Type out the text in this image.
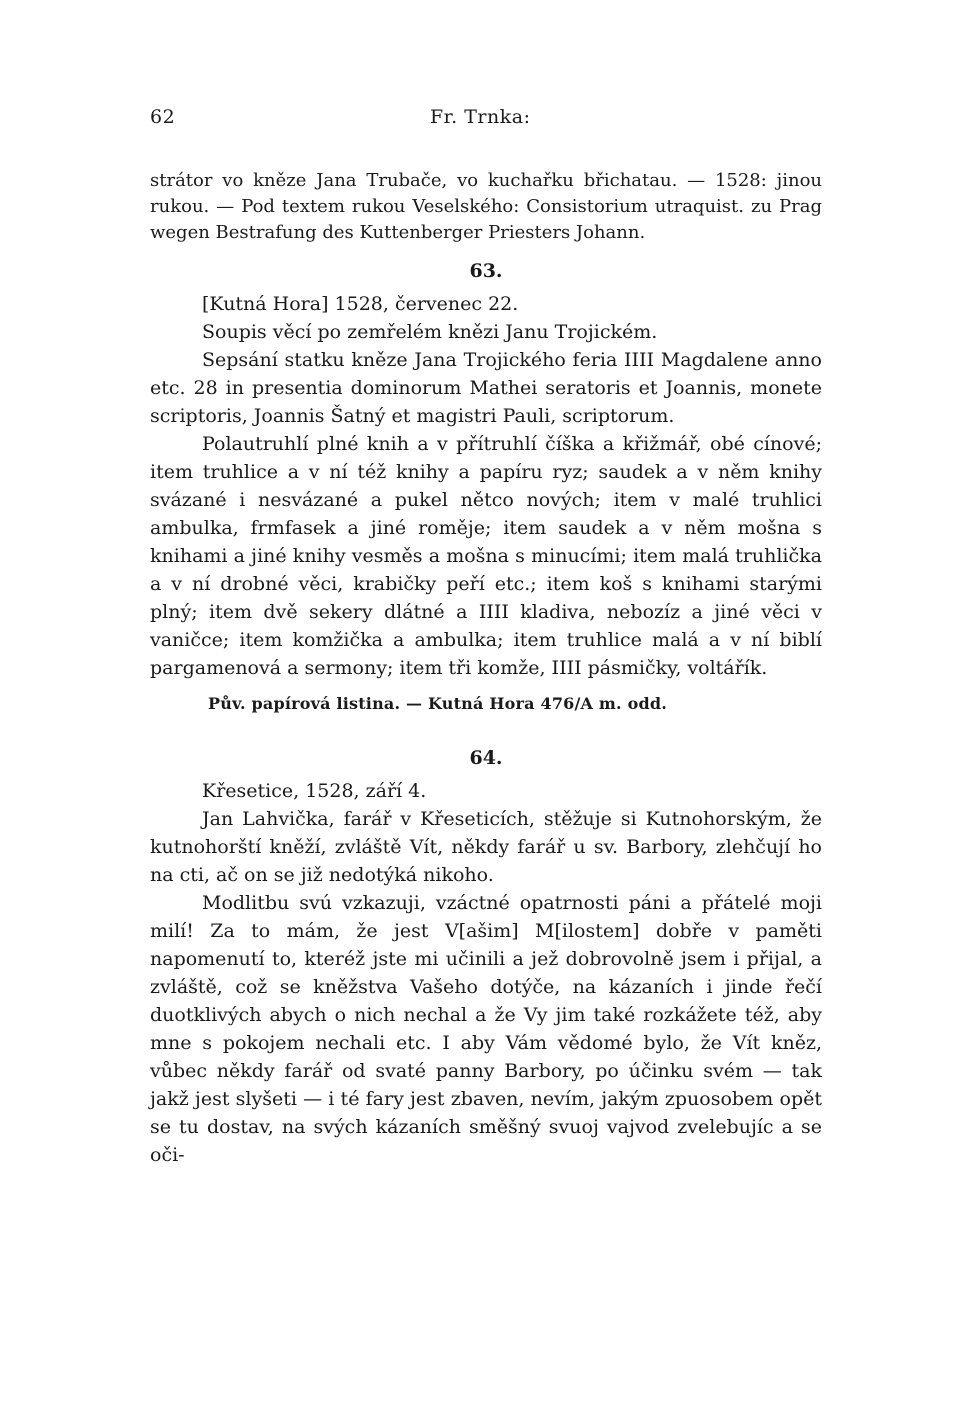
62	Fr. Trnka:
strátor vo kněze Jana Trubače, vo kuchařku břichatau. — 1528: jinou rukou. — Pod textem rukou Veselského: Consistorium utraquist. zu Prag wegen Bestrafung des Kuttenberger Priesters Johann.
63.
[Kutná Hora] 1528, červenec 22.
Soupis věcí po zemřelém knězi Janu Trojickém.

Sepsání statku kněze Jana Trojického feria IIII Magdalene anno etc. 28 in presentia dominorum Mathei seratoris et Joannis, monete scriptoris, Joannis Šatný et magistri Pauli, scriptorum.

Polautruhlí plné knih a v přítruhlí číška a křižmář, obé cínové; item truhlice a v ní též knihy a papíru ryz; saudek a v něm knihy svázané i nesvázané a pukel nětco nových; item v malé truhlici ambulka, frmfasek a jiné roměje; item saudek a v něm mošna s knihami a jiné knihy vesměs a mošna s minucími; item malá truhlička a v ní drobné věci, krabičky peří etc.; item koš s knihami starými plný; item dvě sekery dlátné a IIII kladiva, nebozíz a jiné věci v vaničce; item komžička a ambulka; item truhlice malá a v ní biblí pargamenová a sermony; item tři komže, IIII pásmičky, voltářík.

Pův. papírová listina. — Kutná Hora 476/A m. odd.
64.
Křesetice, 1528, září 4.

Jan Lahvička, farář v Křeseticích, stěžuje si Kutnohorským, že kutnohorští kněží, zvláště Vít, někdy farář u sv. Barbory, zlehčují ho na cti, ač on se již nedotýká nikoho.

Modlitbu svú vzkazuji, vzáctné opatrnosti páni a přátelé moji milí! Za to mám, že jest V[ašim] M[ilostem] dobře v paměti napomenutí to, kteréž jste mi učinili a jež dobrovolně jsem i přijal, a zvláště, což se kněžstva Vašeho dotýče, na kázaních i jinde řečí duotklivých abych o nich nechal a že Vy jim také rozkážete též, aby mne s pokojem nechali etc. I aby Vám vědomé bylo, že Vít kněz, vůbec někdy farář od svaté panny Barbory, po účinku svém — tak jakž jest slyšeti — i té fary jest zbaven, nevím, jakým zpuosobem opět se tu dostav, na svých kázaních směšný svuoj vajvod zvelebujíc a se oči-
